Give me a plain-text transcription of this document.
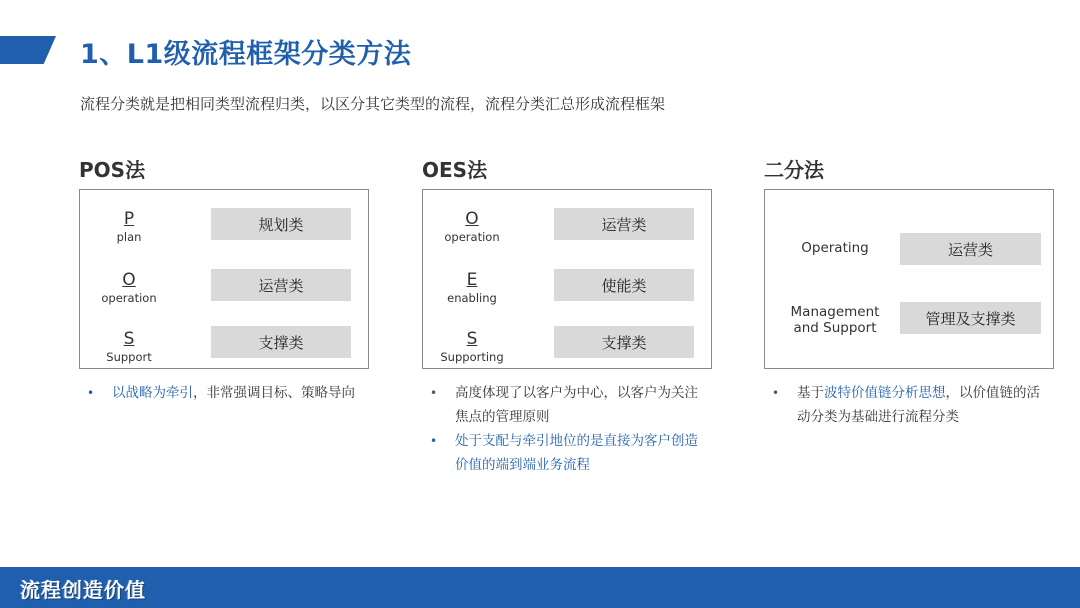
1、L1级流程框架分类方法
流程分类就是把相同类型流程归类，以区分其它类型的流程，流程分类汇总形成流程框架
POS法
P
plan
规划类
O
operation
运营类
S
Support
支撑类
• 以战略为牵引，非常强调目标、策略导向
OES法
O
operation
运营类
E
enabling
使能类
S
Supporting
支撑类
• 高度体现了以客户为中心，以客户为关注
焦点的管理原则
• 处于支配与牵引地位的是直接为客户创造
价值的端到端业务流程
二分法
Operating	运营类
Management
and Support
管理及支撑类
• 基于波特价值链分析思想，以价值链的活
动分类为基础进行流程分类
流程创造价值
